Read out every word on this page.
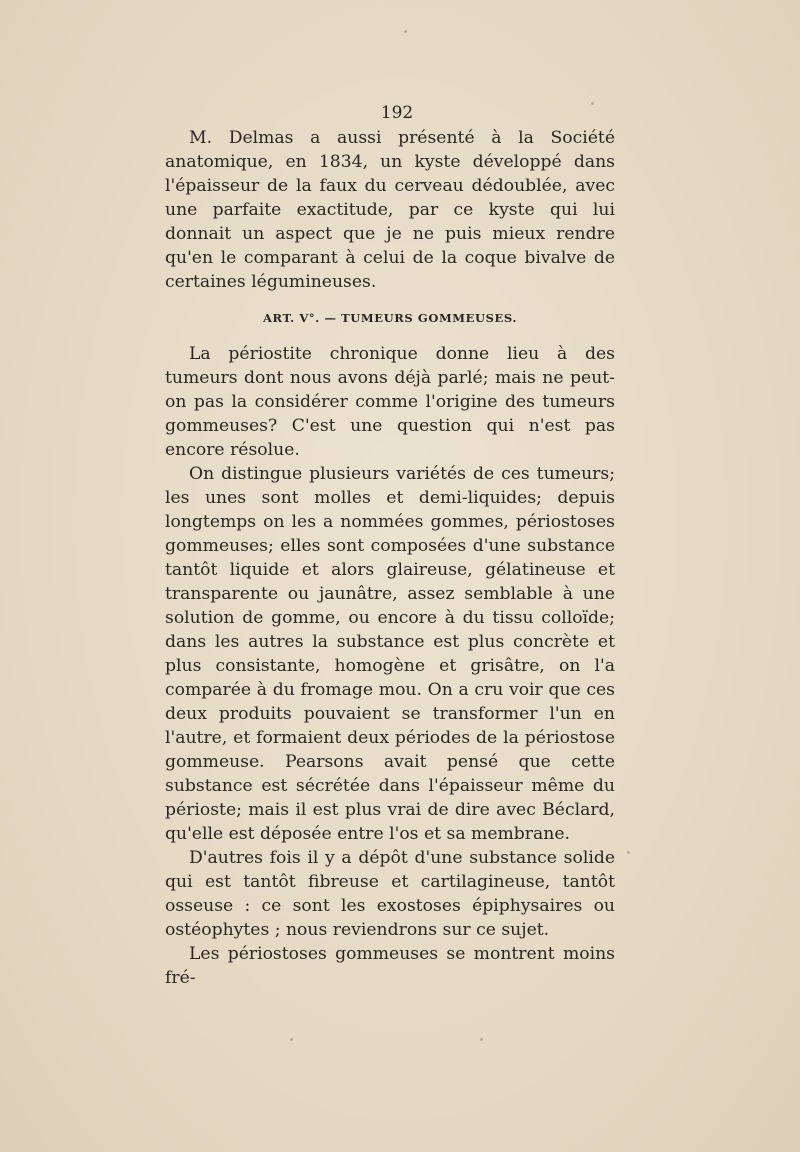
192

M. Delmas a aussi présenté à la Société anatomique, en 1834, un kyste développé dans l'épaisseur de la faux du cerveau dédoublée, avec une parfaite exactitude, par ce kyste qui lui donnait un aspect que je ne puis mieux rendre qu'en le comparant à celui de la coque bivalve de certaines légumineuses.

ART. V°. — TUMEURS GOMMEUSES.

La périostite chronique donne lieu à des tumeurs dont nous avons déjà parlé; mais ne peut-on pas la considérer comme l'origine des tumeurs gommeuses? C'est une question qui n'est pas encore résolue.

On distingue plusieurs variétés de ces tumeurs; les unes sont molles et demi-liquides; depuis longtemps on les a nommées gommes, périostoses gommeuses; elles sont composées d'une substance tantôt liquide et alors glaireuse, gélatineuse et transparente ou jaunâtre, assez semblable à une solution de gomme, ou encore à du tissu colloïde; dans les autres la substance est plus concrète et plus consistante, homogène et grisâtre, on l'a comparée à du fromage mou. On a cru voir que ces deux produits pouvaient se transformer l'un en l'autre, et formaient deux périodes de la périostose gommeuse. Pearsons avait pensé que cette substance est sécrétée dans l'épaisseur même du périoste; mais il est plus vrai de dire avec Béclard, qu'elle est déposée entre l'os et sa membrane.

D'autres fois il y a dépôt d'une substance solide qui est tantôt fibreuse et cartilagineuse, tantôt osseuse : ce sont les exostoses épiphysaires ou ostéophytes ; nous reviendrons sur ce sujet.

Les périostoses gommeuses se montrent moins fré-
